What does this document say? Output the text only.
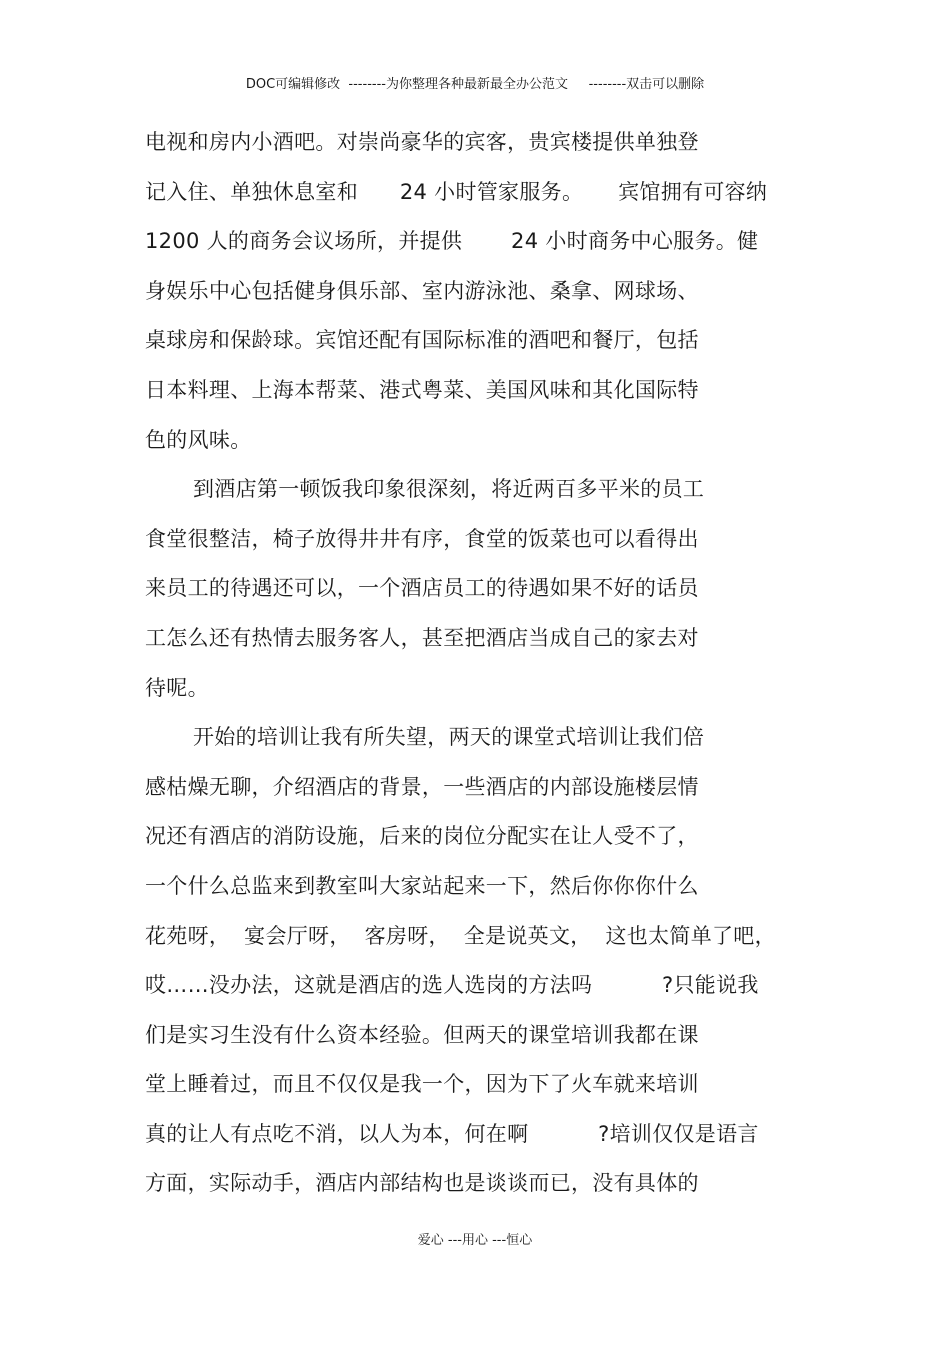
DOC可编辑修改  --------为你整理各种最新最全办公范文     --------双击可以删除
电视和房内小酒吧。对崇尚豪华的宾客，贵宾楼提供单独登
记入住、单独休息室和      24 小时管家服务。     宾馆拥有可容纳
1200 人的商务会议场所，并提供       24 小时商务中心服务。健
身娱乐中心包括健身俱乐部、室内游泳池、桑拿、网球场、
桌球房和保龄球。宾馆还配有国际标准的酒吧和餐厅，包括
日本料理、上海本帮菜、港式粤菜、美国风味和其化国际特
色的风味。
到酒店第一顿饭我印象很深刻，将近两百多平米的员工
食堂很整洁，椅子放得井井有序，食堂的饭菜也可以看得出
来员工的待遇还可以，一个酒店员工的待遇如果不好的话员
工怎么还有热情去服务客人，甚至把酒店当成自己的家去对
待呢。
开始的培训让我有所失望，两天的课堂式培训让我们倍
感枯燥无聊，介绍酒店的背景，一些酒店的内部设施楼层情
况还有酒店的消防设施，后来的岗位分配实在让人受不了，
一个什么总监来到教室叫大家站起来一下，然后你你你什么
花苑呀，  宴会厅呀，  客房呀，  全是说英文，  这也太简单了吧，
哎……没办法，这就是酒店的选人选岗的方法吗          ?只能说我
们是实习生没有什么资本经验。但两天的课堂培训我都在课
堂上睡着过，而且不仅仅是我一个，因为下了火车就来培训
真的让人有点吃不消，以人为本，何在啊          ?培训仅仅是语言
方面，实际动手，酒店内部结构也是谈谈而已，没有具体的
爱心 ---用心 ---恒心
